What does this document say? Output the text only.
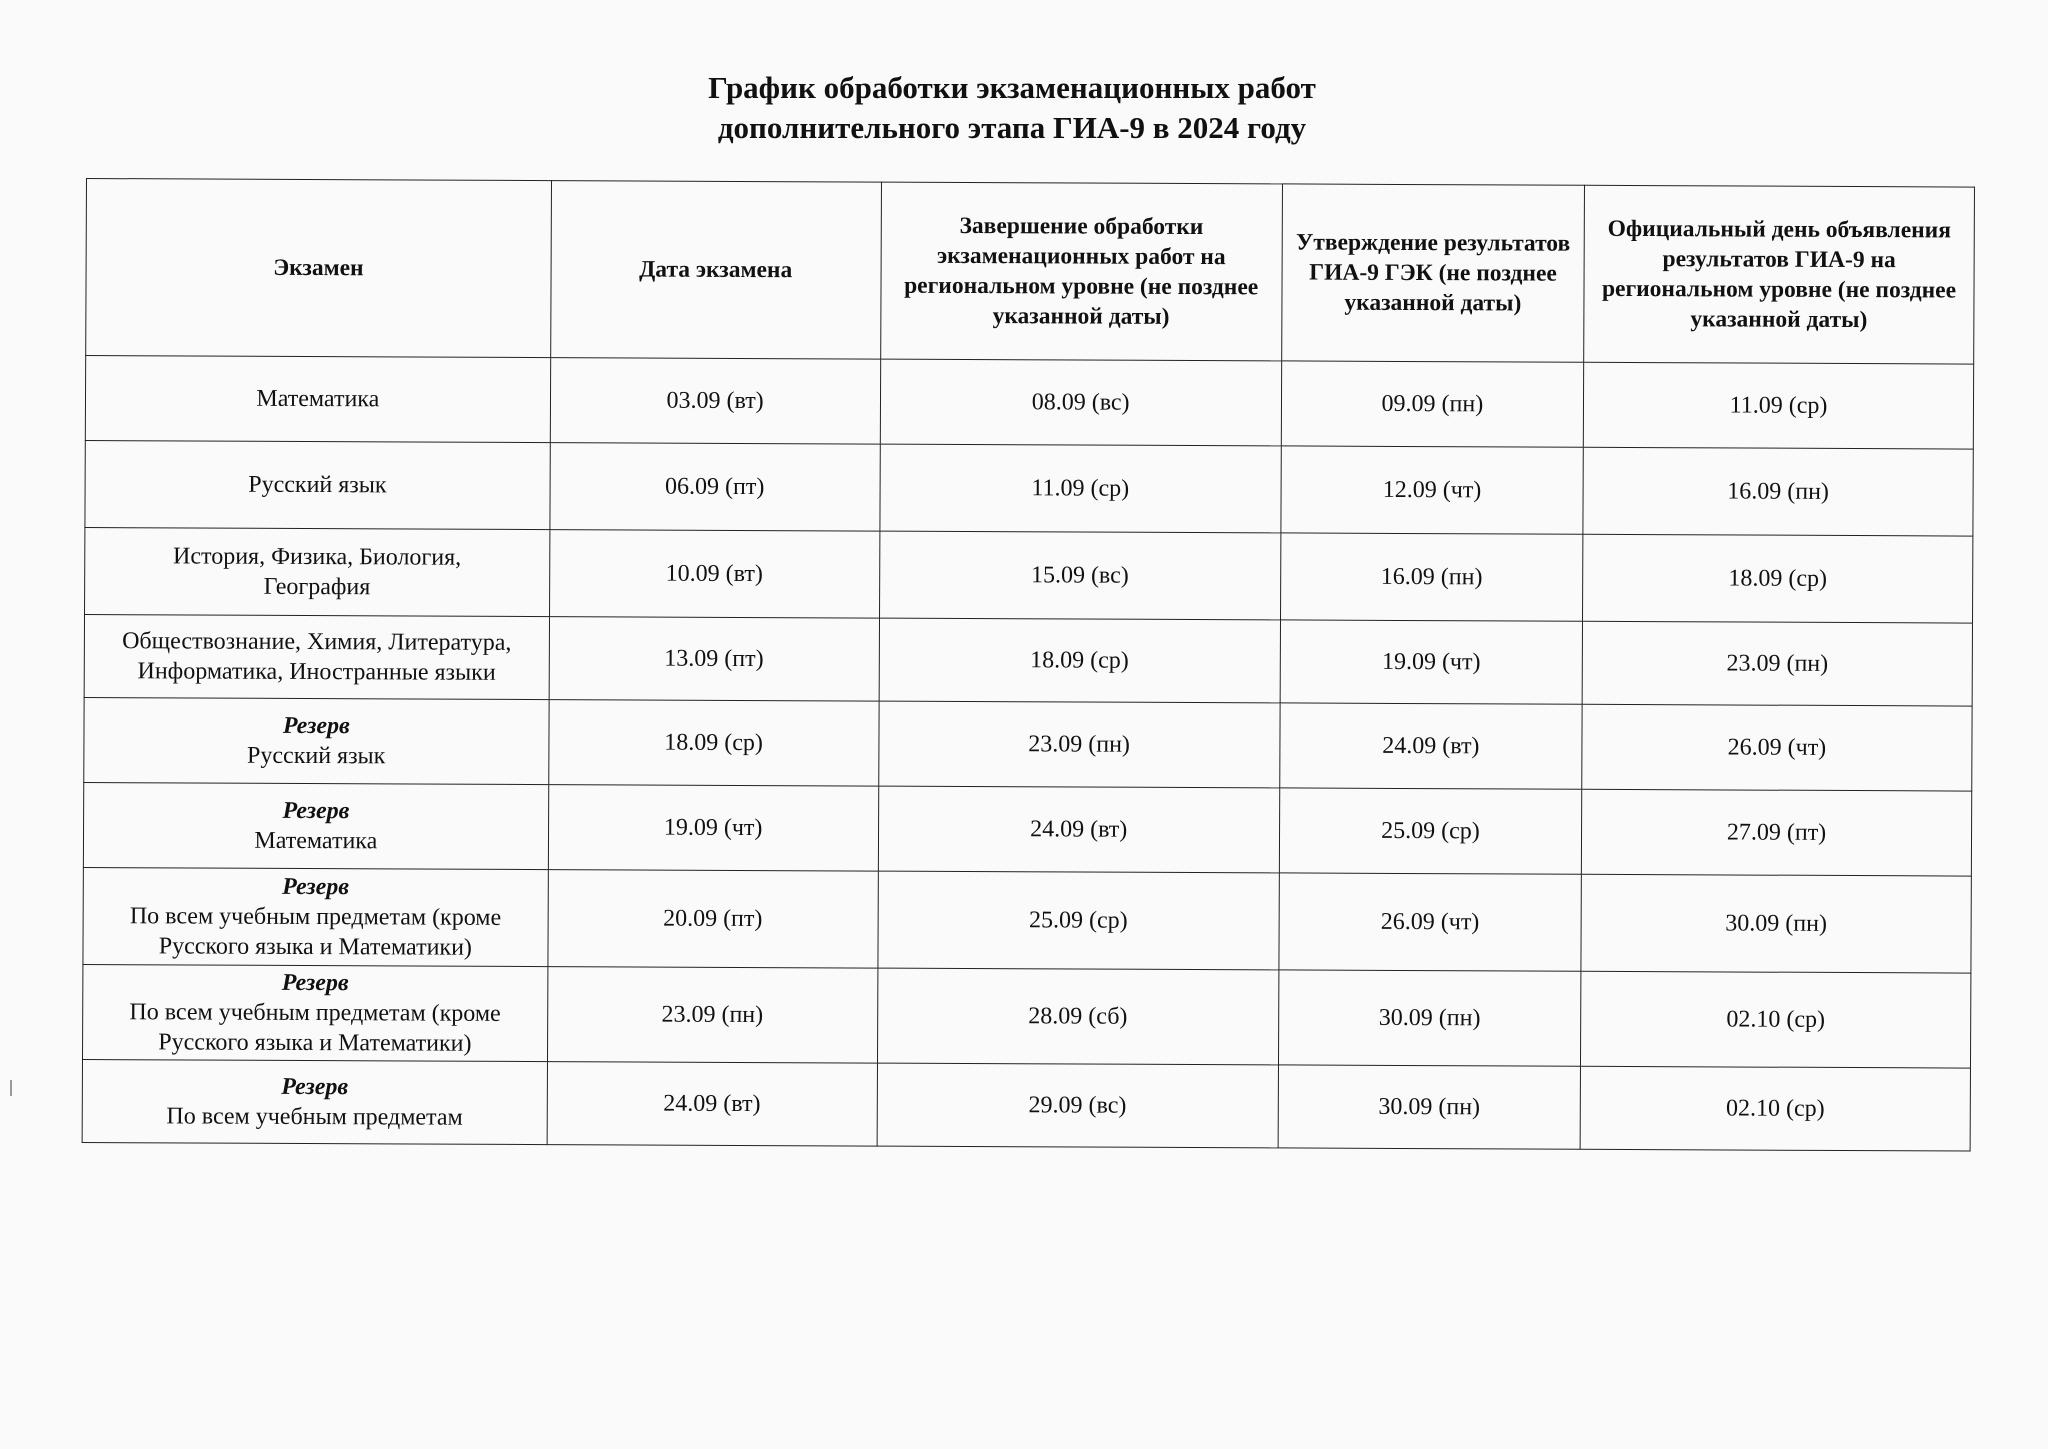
График обработки экзаменационных работ
дополнительного этапа ГИА-9 в 2024 году
Экзамен	Дата экзамена	Завершение обработки экзаменационных работ на региональном уровне (не позднее указанной даты)	Утверждение результатов ГИА-9 ГЭК (не позднее указанной даты)	Официальный день объявления результатов ГИА-9 на региональном уровне (не позднее указанной даты)
Математика	03.09 (вт)	08.09 (вс)	09.09 (пн)	11.09 (ср)
Русский язык	06.09 (пт)	11.09 (ср)	12.09 (чт)	16.09 (пн)
История, Физика, Биология,
География	10.09 (вт)	15.09 (вс)	16.09 (пн)	18.09 (ср)
Обществознание, Химия, Литература,
Информатика, Иностранные языки	13.09 (пт)	18.09 (ср)	19.09 (чт)	23.09 (пн)

Резерв
Русский язык	18.09 (ср)	23.09 (пн)	24.09 (вт)	26.09 (чт)

Резерв
Математика	19.09 (чт)	24.09 (вт)	25.09 (ср)	27.09 (пт)

Резерв
По всем учебным предметам (кроме
Русского языка и Математики)	20.09 (пт)	25.09 (ср)	26.09 (чт)	30.09 (пн)

Резерв
По всем учебным предметам (кроме
Русского языка и Математики)	23.09 (пн)	28.09 (сб)	30.09 (пн)	02.10 (ср)

Резерв
По всем учебным предметам	24.09 (вт)	29.09 (вс)	30.09 (пн)	02.10 (ср)
